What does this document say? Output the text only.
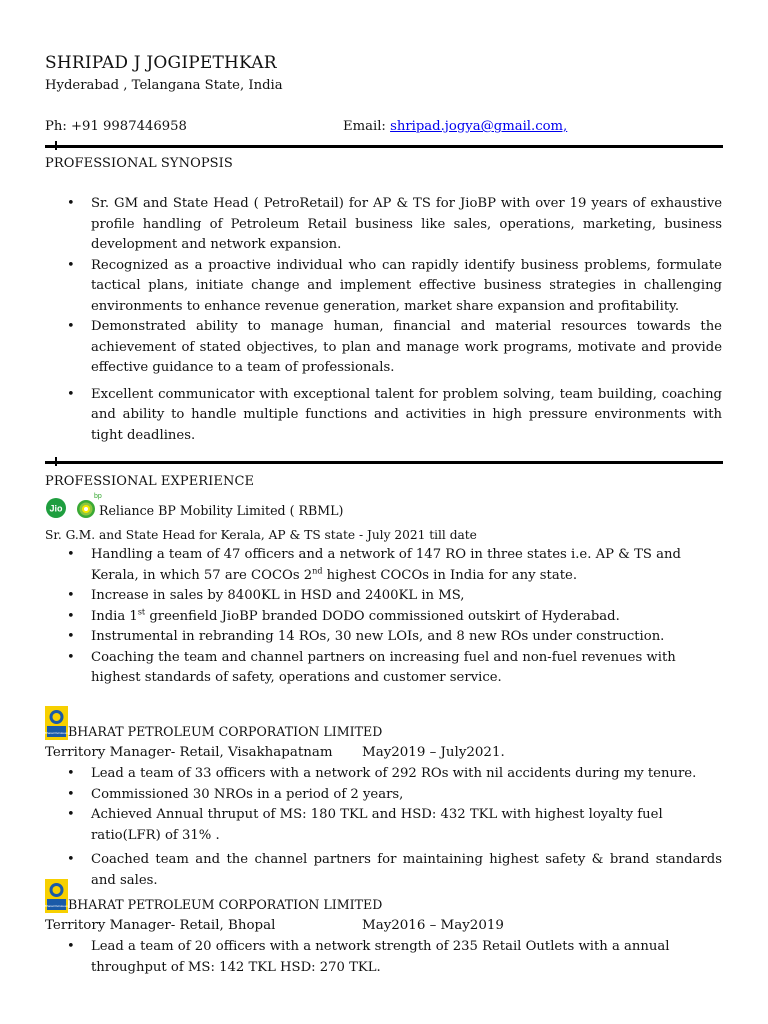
SHRIPAD J JOGIPETHKAR
Hyderabad , Telangana State, India
Ph: +91 9987446958	Email: shripad.jogya@gmail.com,
PROFESSIONAL SYNOPSIS
• Sr. GM and State Head ( PetroRetail) for AP & TS for JioBP with over 19 years of exhaustive profile handling of Petroleum Retail business like sales, operations, marketing, business development and network expansion.
• Recognized as a proactive individual who can rapidly identify business problems, formulate tactical plans, initiate change and implement effective business strategies in challenging environments to enhance revenue generation, market share expansion and profitability.
• Demonstrated ability to manage human, financial and material resources towards the achievement of stated objectives, to plan and manage work programs, motivate and provide effective guidance to a team of professionals.
• Excellent communicator with exceptional talent for problem solving, team building, coaching and ability to handle multiple functions and activities in high pressure environments with tight deadlines.
PROFESSIONAL EXPERIENCE
Jio
bp
$_{Reliance BP Mobility Limited ( RBML)}$
Sr. G.M. and State Head for Kerala, AP & TS state - July 2021 till date
• Handling a team of 47 officers and a network of 147 RO in three states i.e. AP & TS and Kerala, in which 57 are COCOs 2nd highest COCOs in India for any state.
• Increase in sales by 8400KL in HSD and 2400KL in MS,
• India 1st greenfield JioBP branded DODO commissioned outskirt of Hyderabad.
• Instrumental in rebranding 14 ROs, 30 new LOIs, and 8 new ROs under construction.
• Coaching the team and channel partners on increasing fuel and non-fuel revenues with highest standards of safety, operations and customer service.
Bharat Petroleum BHARAT PETROLEUM CORPORATION LIMITED
Territory Manager- Retail, Visakhapatnam May2019 – July2021.
• Lead a team of 33 officers with a network of 292 ROs with nil accidents during my tenure.
• Commissioned 30 NROs in a period of 2 years,
• Achieved Annual thruput of MS: 180 TKL and HSD: 432 TKL with highest loyalty fuel ratio(LFR) of 31% .
• Coached team and the channel partners for maintaining highest safety & brand standards and sales.
Bharat Petroleum BHARAT PETROLEUM CORPORATION LIMITED
Territory Manager- Retail, Bhopal	May2016 – May2019
• Lead a team of 20 officers with a network strength of 235 Retail Outlets with a annual throughput of MS: 142 TKL HSD: 270 TKL.
